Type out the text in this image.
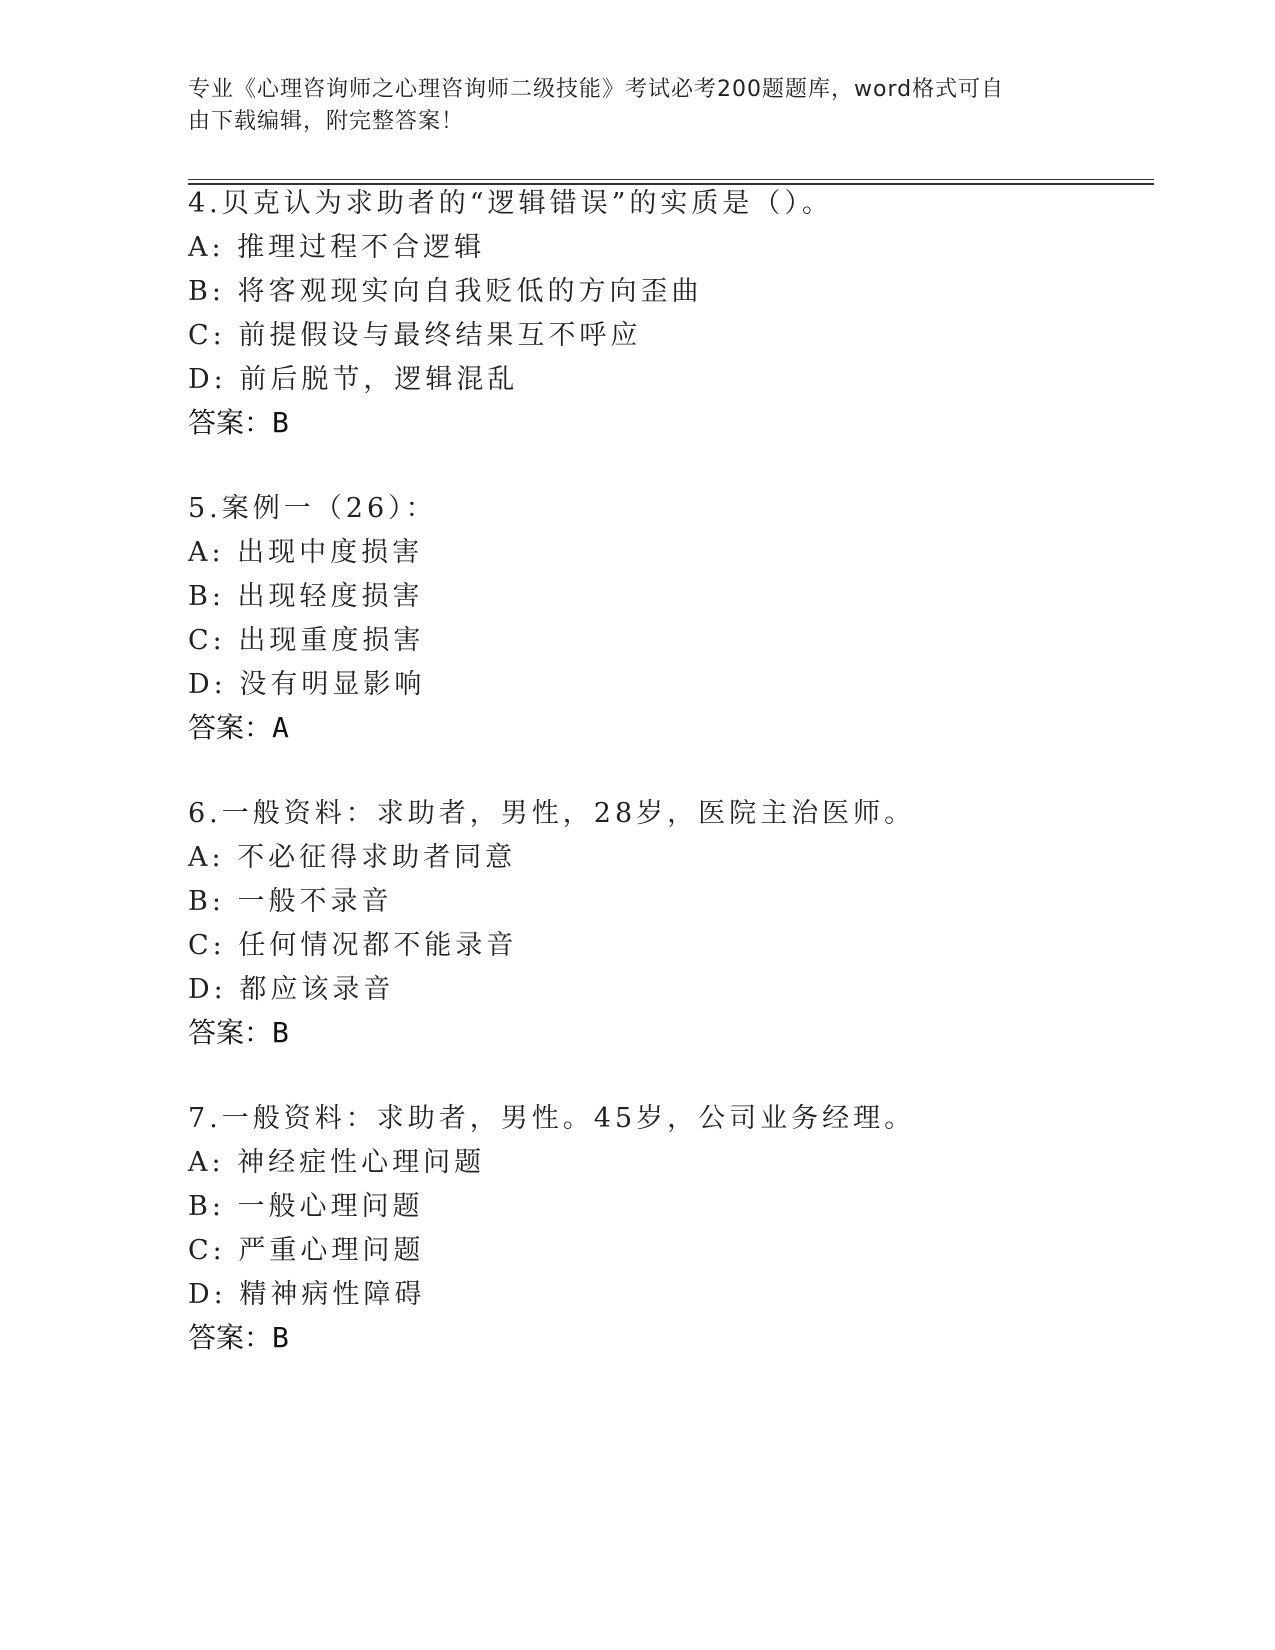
专业《心理咨询师之心理咨询师二级技能》考试必考200题题库，word格式可自
由下载编辑，附完整答案！
4.贝克认为求助者的“逻辑错误”的实质是（）。
A: 推理过程不合逻辑
B: 将客观现实向自我贬低的方向歪曲
C: 前提假设与最终结果互不呼应
D: 前后脱节，逻辑混乱
答案：B
5.案例一（26）：
A: 出现中度损害
B: 出现轻度损害
C: 出现重度损害
D: 没有明显影响
答案：A
6.一般资料：求助者，男性，28岁，医院主治医师。
A: 不必征得求助者同意
B: 一般不录音
C: 任何情况都不能录音
D: 都应该录音
答案：B
7.一般资料：求助者，男性。45岁，公司业务经理。
A: 神经症性心理问题
B: 一般心理问题
C: 严重心理问题
D: 精神病性障碍
答案：B
